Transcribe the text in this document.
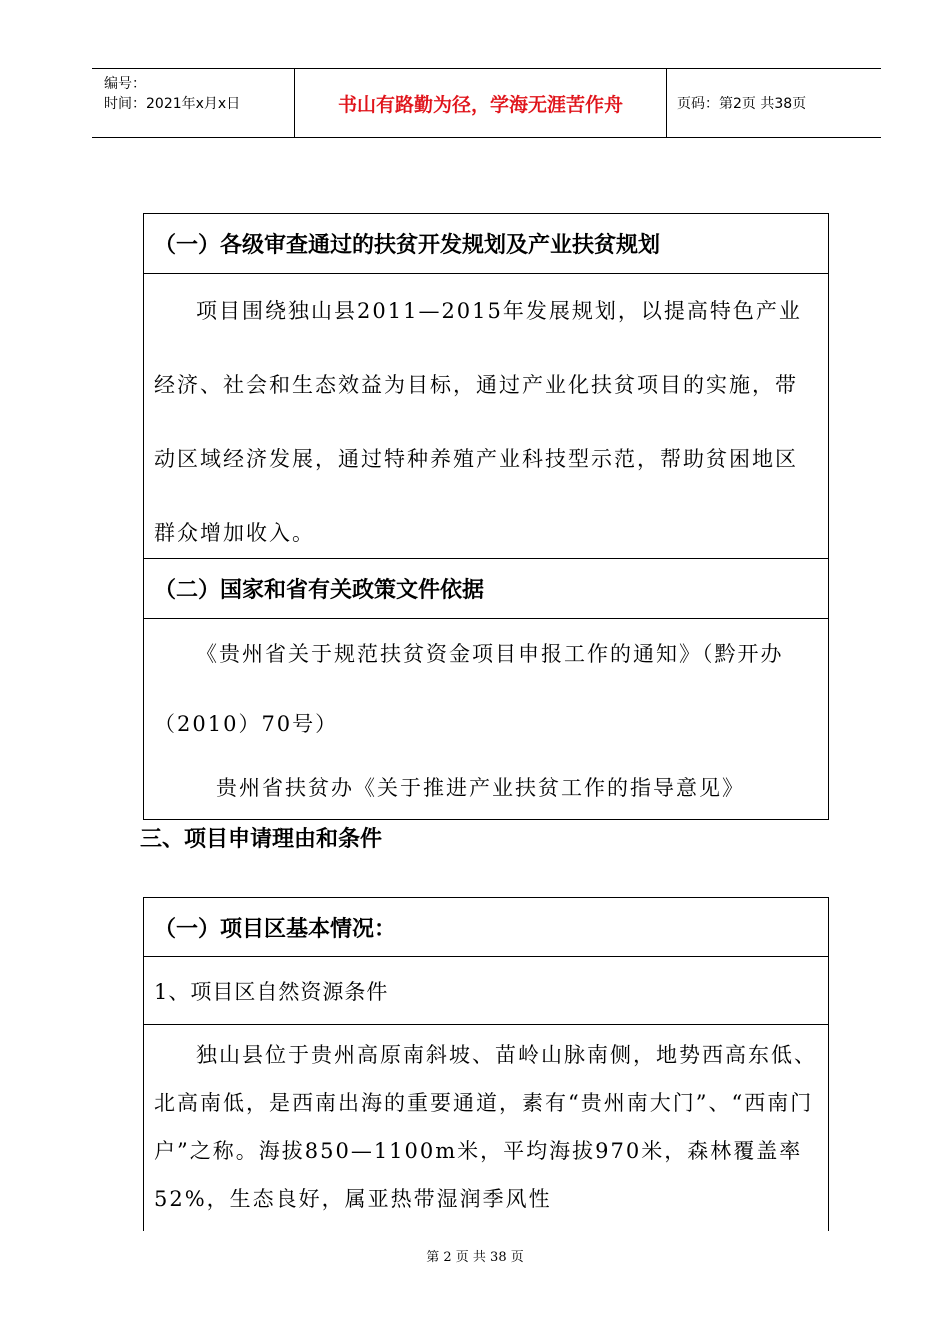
编号：
时间：2021年x月x日	书山有路勤为径，学海无涯苦作舟	页码：第2页 共38页
（一）各级审查通过的扶贫开发规划及产业扶贫规划

项目围绕独山县2011—2015年发展规划，以提高特色产业经济、社会和生态效益为目标，通过产业化扶贫项目的实施，带动区域经济发展，通过特种养殖产业科技型示范，帮助贫困地区群众增加收入。

（二）国家和省有关政策文件依据

《贵州省关于规范扶贫资金项目申报工作的通知》（黔开办（2010）70号）

贵州省扶贫办《关于推进产业扶贫工作的指导意见》

三、项目申请理由和条件
（一）项目区基本情况：
1、项目区自然资源条件

独山县位于贵州高原南斜坡、苗岭山脉南侧，地势西高东低、北高南低，是西南出海的重要通道，素有“贵州南大门”、“西南门户”之称。海拔850—1100m米，平均海拔970米，森林覆盖率52%，生态良好，属亚热带湿润季风性

第 2 页 共 38 页
